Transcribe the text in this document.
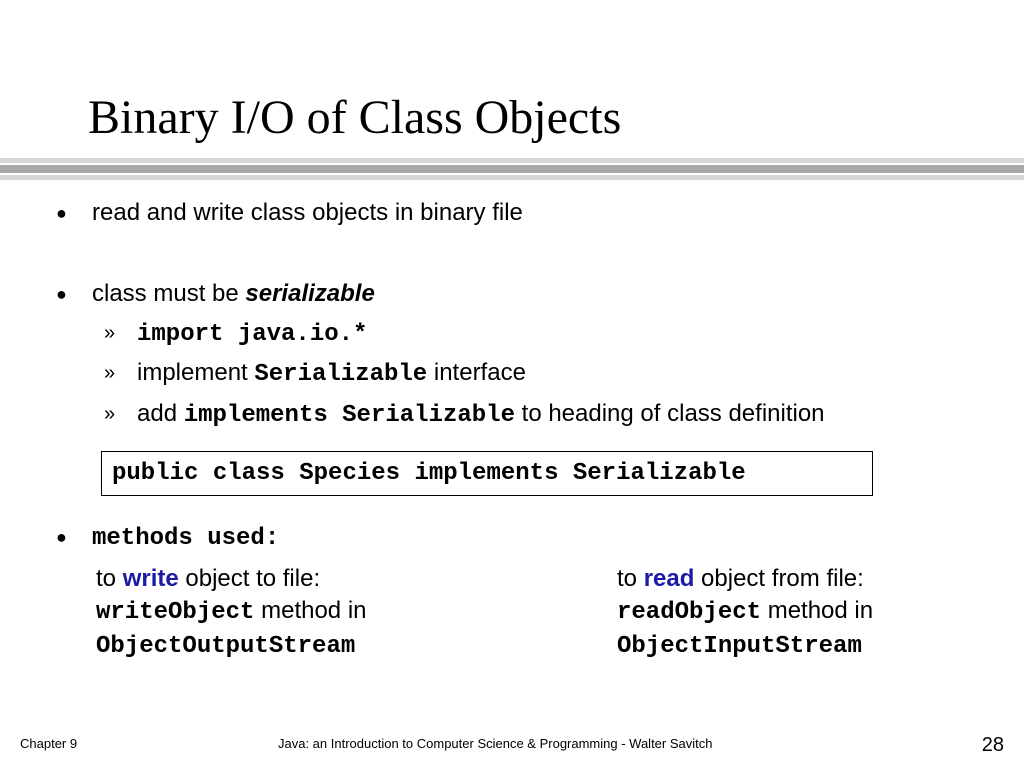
Binary I/O of Class Objects
● read and write class objects in binary file
● class must be serializable
» import java.io.*
» implement Serializable interface
» add implements Serializable to heading of class definition
public class Species implements Serializable
● methods used:
to write object to file:
writeObject method in
ObjectOutputStream
to read object from file:
readObject method in
ObjectInputStream
Chapter 9	Java: an Introduction to Computer Science & Programming - Walter Savitch	28
